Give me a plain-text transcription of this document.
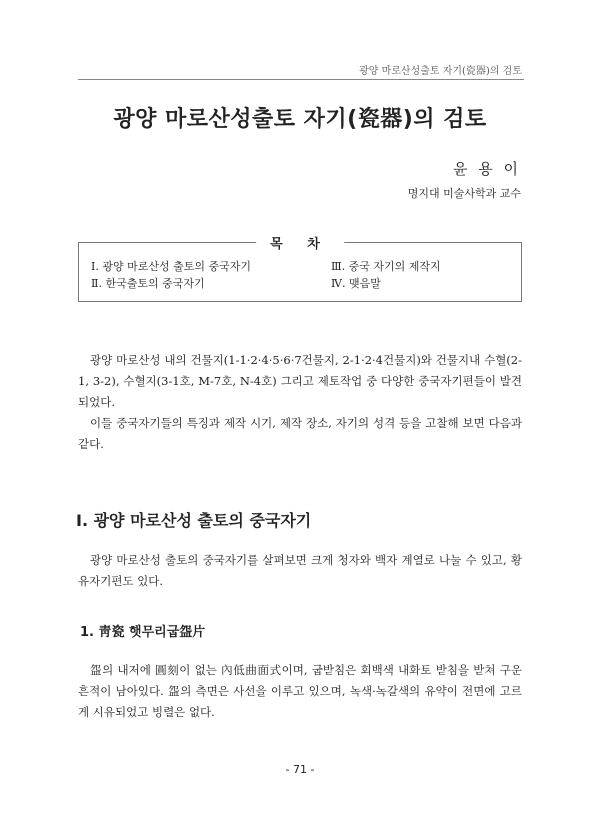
광양 마로산성출토 자기(瓷器)의 검토
광양 마로산성출토 자기(瓷器)의 검토
윤 용 이
명지대 미술사학과 교수
목 차
Ⅰ. 광양 마로산성 출토의 중국자기
Ⅱ. 한국출토의 중국자기
Ⅲ. 중국 자기의 제작지
Ⅳ. 맺음말

광양 마로산성 내의 건물지(1-1·2·4·5·6·7건물지, 2-1·2·4건물지)와 건물지내 수혈(2-1, 3-2), 수혈지(3-1호, M-7호, N-4호) 그리고 제토작업 중 다양한 중국자기편들이 발견되었다.

이들 중국자기들의 특징과 제작 시기, 제작 장소, 자기의 성격 등을 고찰해 보면 다음과 같다.

Ⅰ. 광양 마로산성 출토의 중국자기

광양 마로산성 출토의 중국자기를 살펴보면 크게 청자와 백자 계열로 나눌 수 있고, 황유자기편도 있다.

1. 靑瓷 햇무리굽盌片

盌의 내저에 圓刻이 없는 內低曲面式이며, 굽받침은 회백색 내화토 받침을 받쳐 구운 흔적이 남아있다. 盌의 측면은 사선을 이루고 있으며, 녹색·녹갈색의 유약이 전면에 고르게 시유되었고 빙렬은 없다.

- 71 -
